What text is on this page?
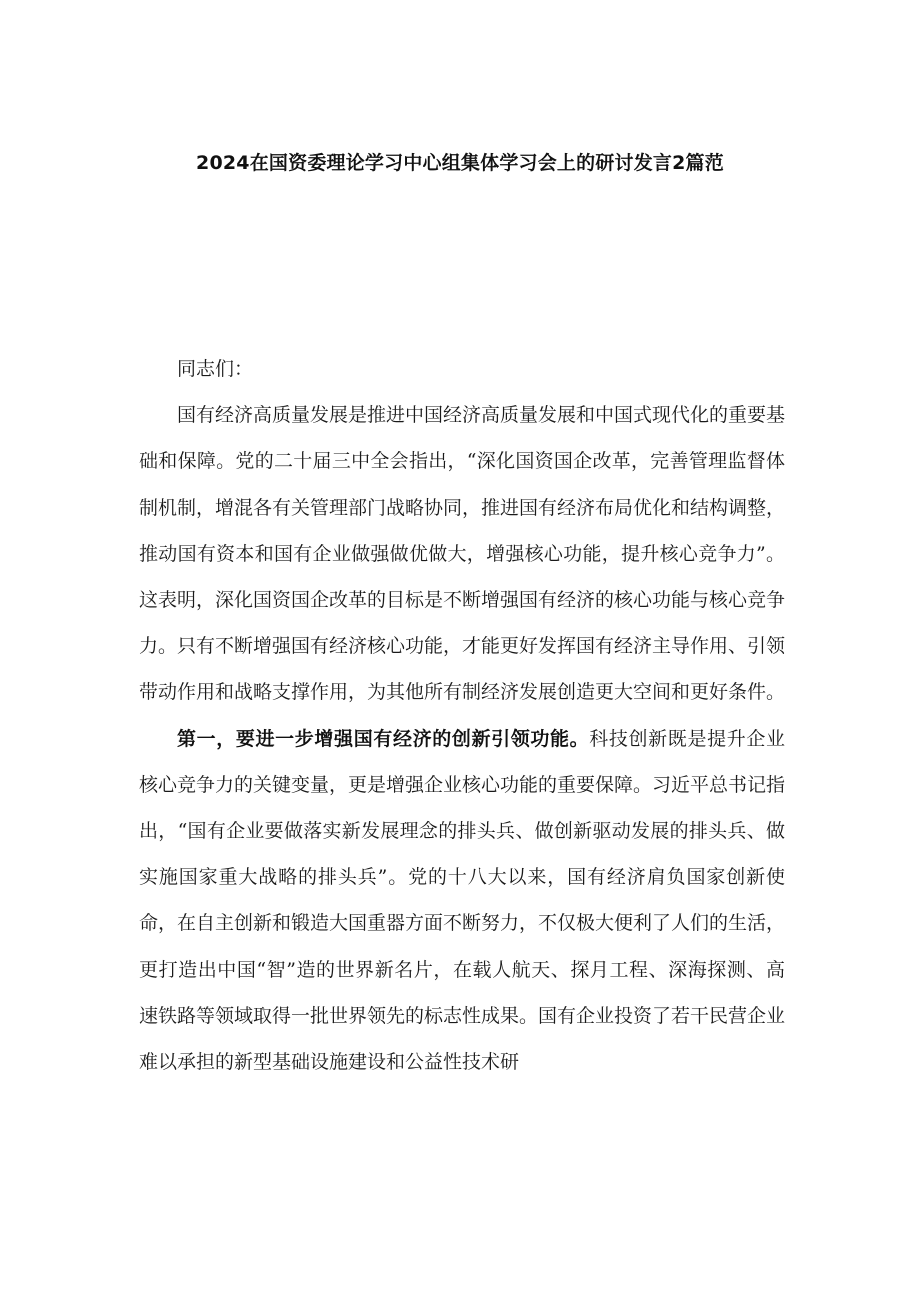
2024在国资委理论学习中心组集体学习会上的研讨发言2篇范

同志们：

国有经济高质量发展是推进中国经济高质量发展和中国式现代化的重要基础和保障。党的二十届三中全会指出，“深化国资国企改革，完善管理监督体制机制，增混各有关管理部门战略协同，推进国有经济布局优化和结构调整，推动国有资本和国有企业做强做优做大，增强核心功能，提升核心竞争力”。这表明，深化国资国企改革的目标是不断增强国有经济的核心功能与核心竞争力。只有不断增强国有经济核心功能，才能更好发挥国有经济主导作用、引领带动作用和战略支撑作用，为其他所有制经济发展创造更大空间和更好条件。

第一，要进一步增强国有经济的创新引领功能。科技创新既是提升企业核心竞争力的关键变量，更是增强企业核心功能的重要保障。习近平总书记指出，“国有企业要做落实新发展理念的排头兵、做创新驱动发展的排头兵、做实施国家重大战略的排头兵”。党的十八大以来，国有经济肩负国家创新使命，在自主创新和锻造大国重器方面不断努力，不仅极大便利了人们的生活，更打造出中国“智”造的世界新名片，在载人航天、探月工程、深海探测、高速铁路等领域取得一批世界领先的标志性成果。国有企业投资了若干民营企业难以承担的新型基础设施建设和公益性技术研
